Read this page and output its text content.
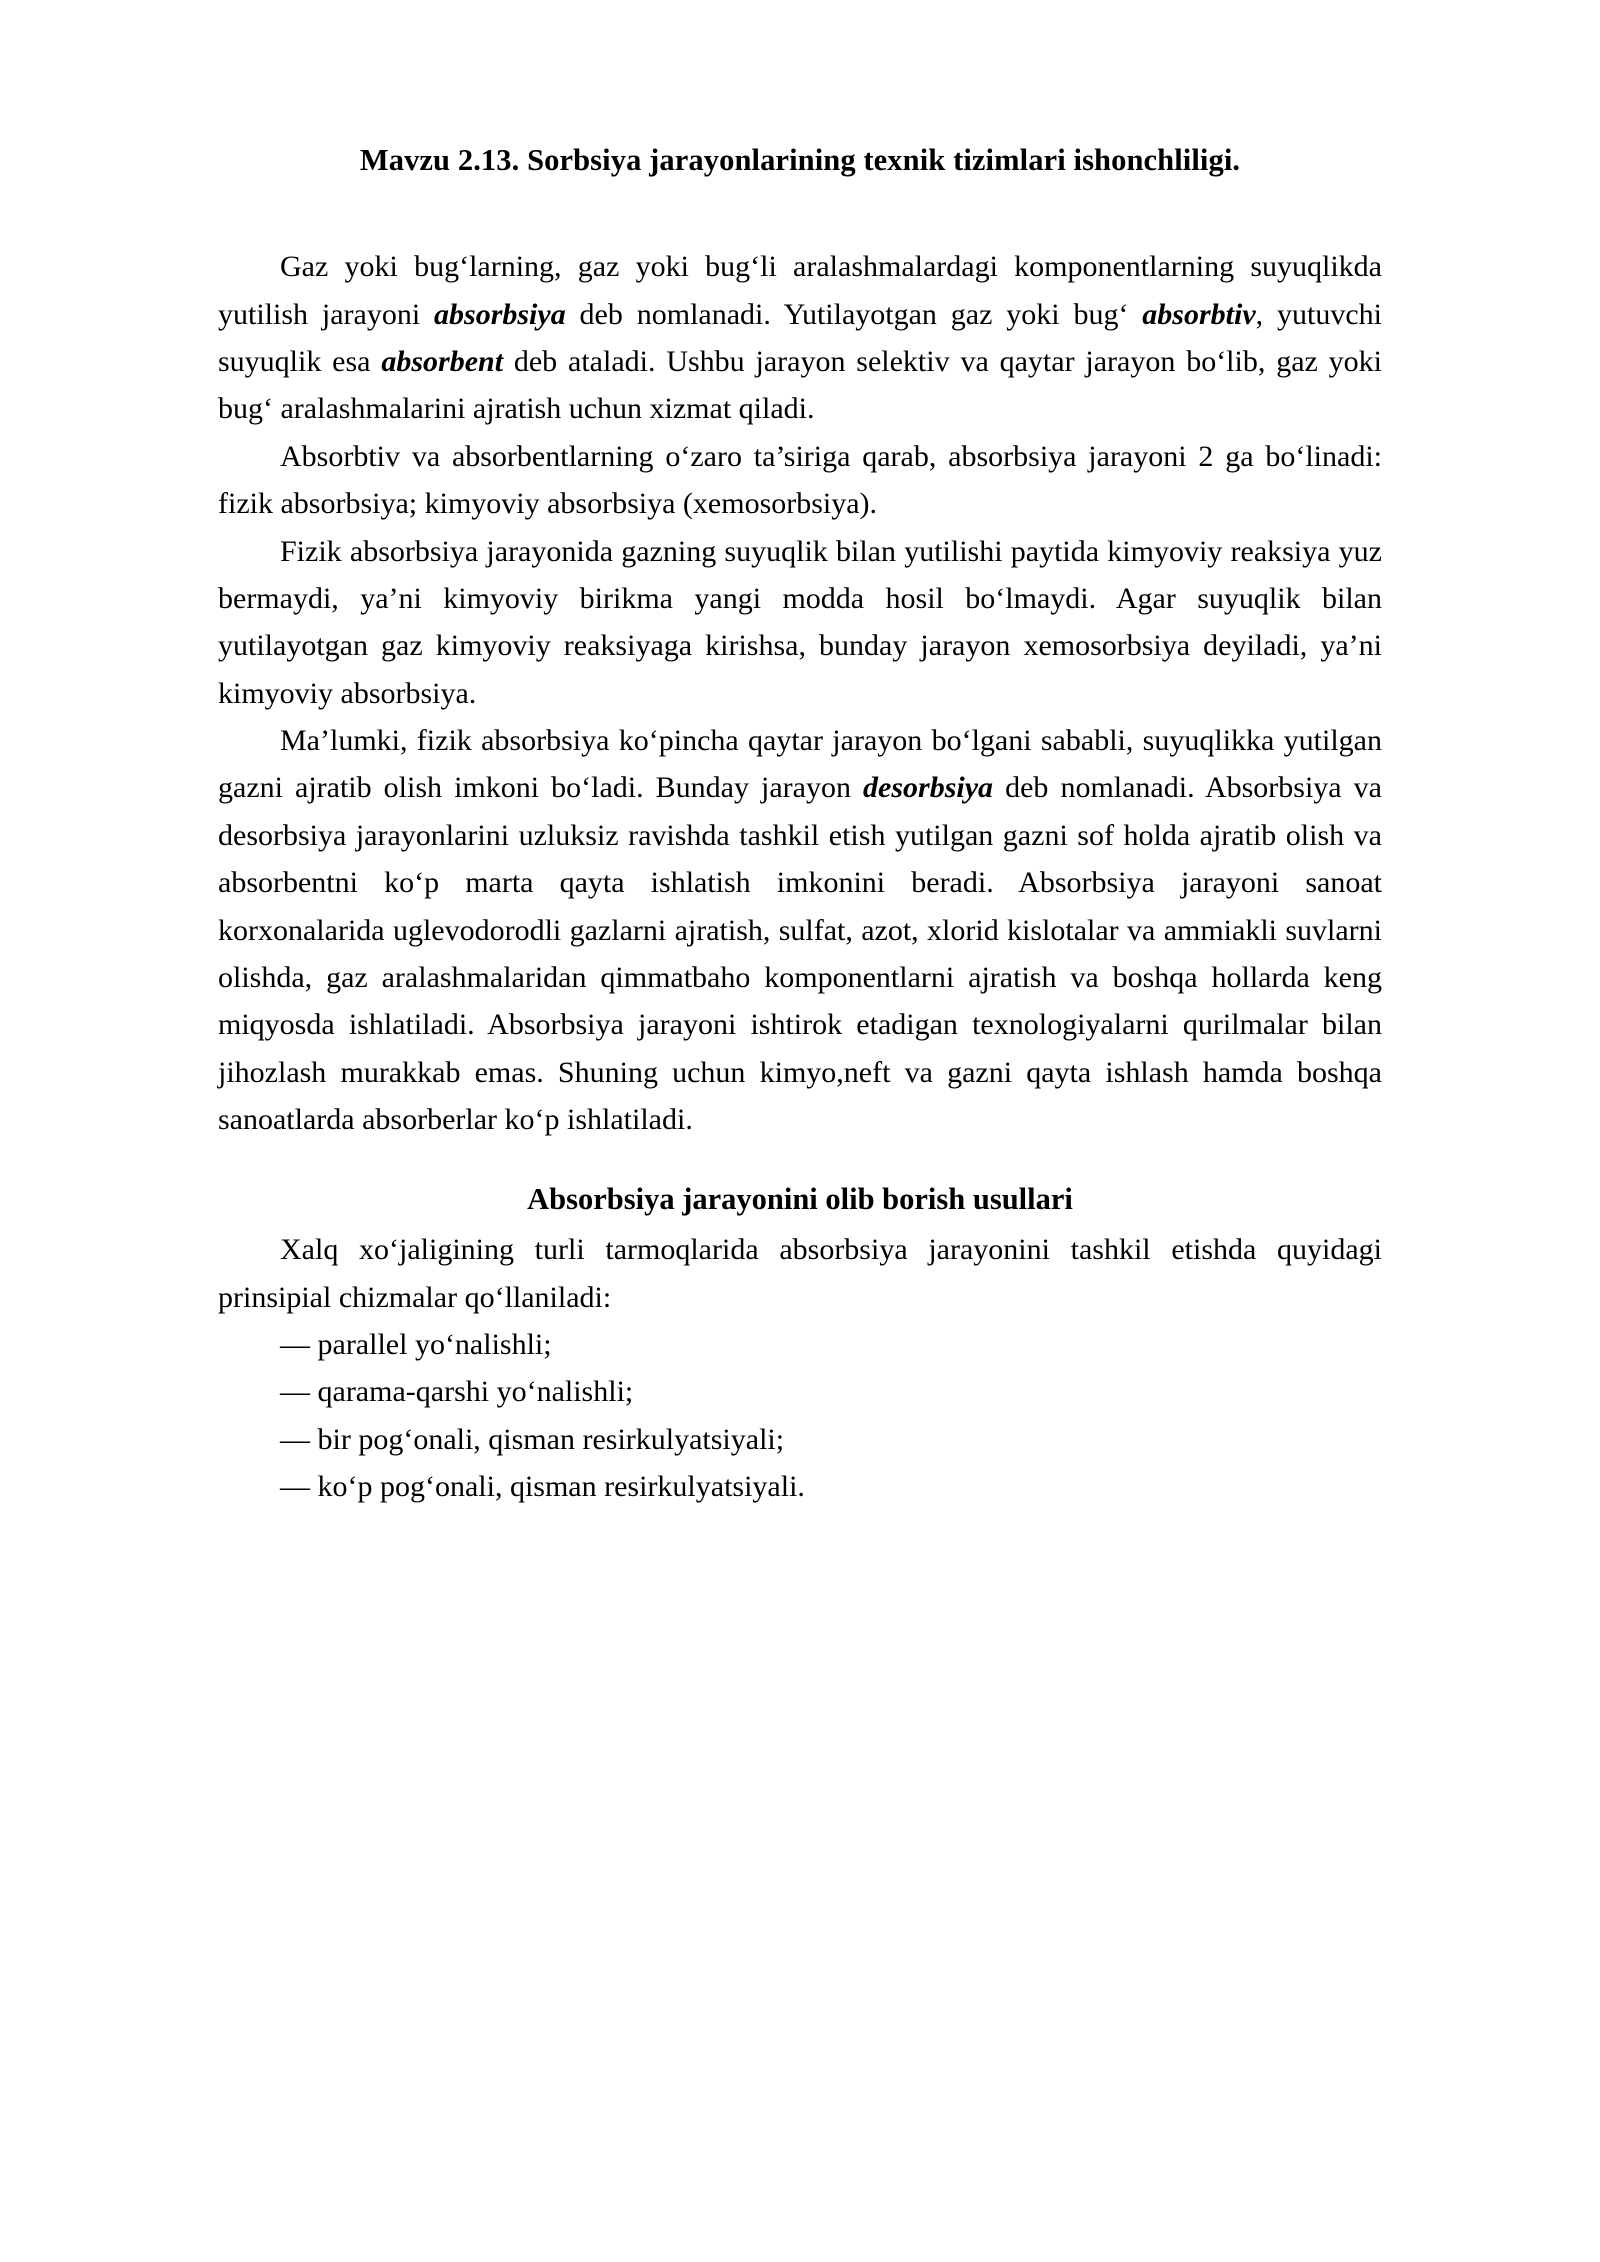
Mavzu 2.13. Sorbsiya jarayonlarining texnik tizimlari ishonchliligi.

Gaz yoki bug‘larning, gaz yoki bug‘li aralashmalardagi komponentlarning suyuqlikda yutilish jarayoni absorbsiya deb nomlanadi. Yutilayotgan gaz yoki bug‘ absorbtiv, yutuvchi suyuqlik esa absorbent deb ataladi. Ushbu jarayon selektiv va qaytar jarayon bo‘lib, gaz yoki bug‘ aralashmalarini ajratish uchun xizmat qiladi.

Absorbtiv va absorbentlarning o‘zaro ta’siriga qarab, absorbsiya jarayoni 2 ga bo‘linadi: fizik absorbsiya; kimyoviy absorbsiya (xemosorbsiya).

Fizik absorbsiya jarayonida gazning suyuqlik bilan yutilishi paytida kimyoviy reaksiya yuz bermaydi, ya’ni kimyoviy birikma yangi modda hosil bo‘lmaydi. Agar suyuqlik bilan yutilayotgan gaz kimyoviy reaksiyaga kirishsa, bunday jarayon xemosorbsiya deyiladi, ya’ni kimyoviy absorbsiya.

Ma’lumki, fizik absorbsiya ko‘pincha qaytar jarayon bo‘lgani sababli, suyuqlikka yutilgan gazni ajratib olish imkoni bo‘ladi. Bunday jarayon desorbsiya deb nomlanadi. Absorbsiya va desorbsiya jarayonlarini uzluksiz ravishda tashkil etish yutilgan gazni sof holda ajratib olish va absorbentni ko‘p marta qayta ishlatish imkonini beradi. Absorbsiya jarayoni sanoat korxonalarida uglevodorodli gazlarni ajratish, sulfat, azot, xlorid kislotalar va ammiakli suvlarni olishda, gaz aralashmalaridan qimmatbaho komponentlarni ajratish va boshqa hollarda keng miqyosda ishlatiladi. Absorbsiya jarayoni ishtirok etadigan texnologiyalarni qurilmalar bilan jihozlash murakkab emas. Shuning uchun kimyo,neft va gazni qayta ishlash hamda boshqa sanoatlarda absorberlar ko‘p ishlatiladi.

Absorbsiya jarayonini olib borish usullari

Xalq xo‘jaligining turli tarmoqlarida absorbsiya jarayonini tashkil etishda quyidagi prinsipial chizmalar qo‘llaniladi:

— parallel yo‘nalishli;
— qarama-qarshi yo‘nalishli;
— bir pog‘onali, qisman resirkulyatsiyali;
— ko‘p pog‘onali, qisman resirkulyatsiyali.
